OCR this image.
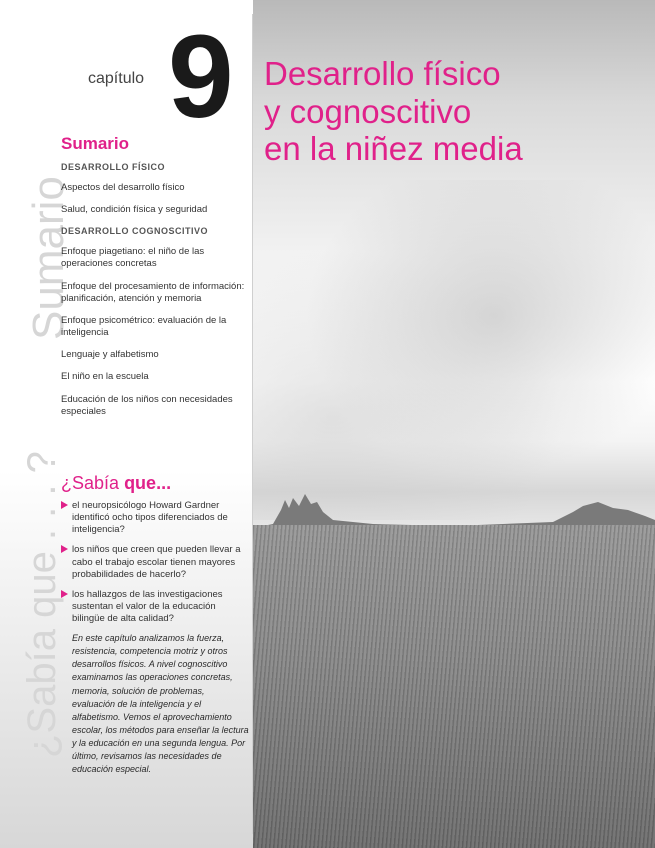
capítulo 9 Desarrollo físico
y cognoscitivo
en la niñez media
Sumario
¿Sabía que . . . ?
Sumario
DESARROLLO FÍSICO
Aspectos del desarrollo físico
Salud, condición física y seguridad
DESARROLLO COGNOSCITIVO
Enfoque piagetiano: el niño de las operaciones concretas
Enfoque del procesamiento de información: planificación, atención y memoria
Enfoque psicométrico: evaluación de la inteligencia
Lenguaje y alfabetismo
El niño en la escuela
Educación de los niños con necesidades especiales
¿Sabía que...
el neuropsicólogo Howard Gardner identificó ocho tipos diferenciados de inteligencia?
los niños que creen que pueden llevar a cabo el trabajo escolar tienen mayores probabilidades de hacerlo?
los hallazgos de las investigaciones sustentan el valor de la educación bilingüe de alta calidad?
En este capítulo analizamos la fuerza, resistencia, competencia motriz y otros desarrollos físicos. A nivel cognoscitivo examinamos las operaciones concretas, memoria, solución de problemas, evaluación de la inteligencia y el alfabetismo. Vemos el aprovechamiento escolar, los métodos para enseñar la lectura y la educación en una segunda lengua. Por último, revisamos las necesidades de educación especial.
